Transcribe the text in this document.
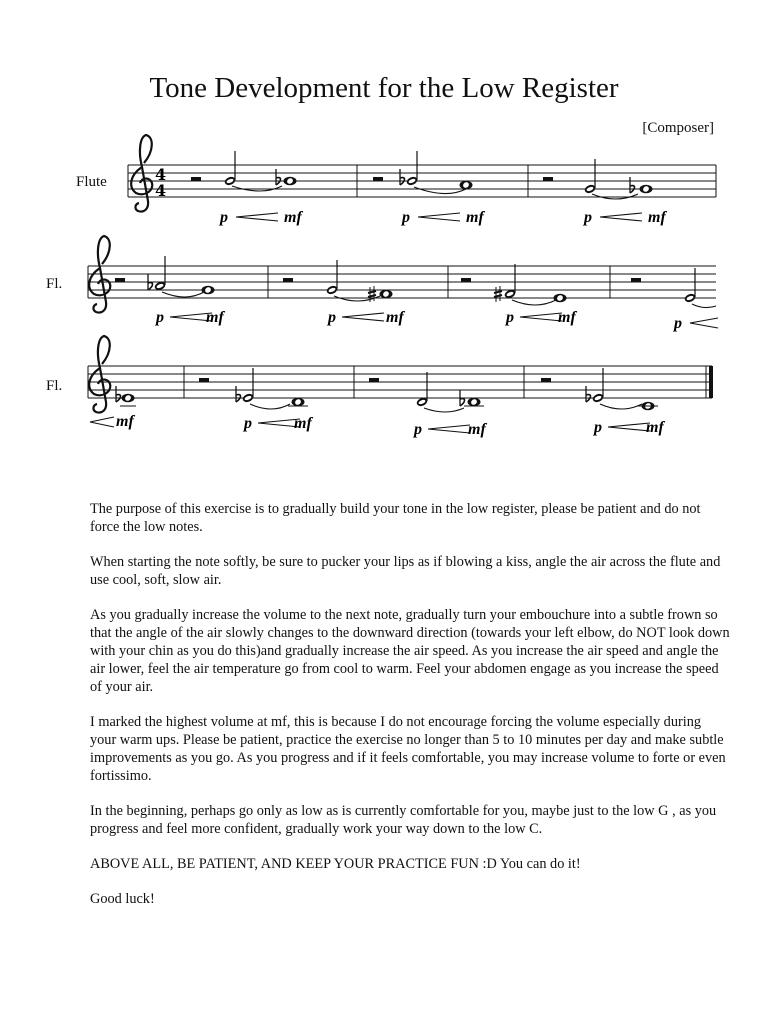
Tone Development for the Low Register
[Composer]
Flute
Fl.
Fl.
4
4
p	mf	p	mf	p	mf
p	mf	p	mf	p	mf	p
mf	p	mf	p	mf	p	mf

The purpose of this exercise is to gradually build your tone in the low register, please be patient and do not force the low notes.

When starting the note softly, be sure to pucker your lips as if blowing a kiss, angle the air across the flute and use cool, soft, slow air.

As you gradually increase the volume to the next note, gradually turn your embouchure into a subtle frown so that the angle of the air slowly changes to the downward direction (towards your left elbow, do NOT look down with your chin as you do this)and gradually increase the air speed. As you increase the air speed and angle the air lower, feel the air temperature go from cool to warm. Feel your abdomen engage as you increase the speed of your air.

I marked the highest volume at mf, this is because I do not encourage forcing the volume especially during your warm ups. Please be patient, practice the exercise no longer than 5 to 10 minutes per day and make subtle improvements as you go. As you progress and if it feels comfortable, you may increase volume to forte or even fortissimo.

In the beginning, perhaps go only as low as is currently comfortable for you, maybe just to the low G , as you progress and feel more confident, gradually work your way down to the low C.

ABOVE ALL, BE PATIENT, AND KEEP YOUR PRACTICE FUN :D You can do it!

Good luck!
